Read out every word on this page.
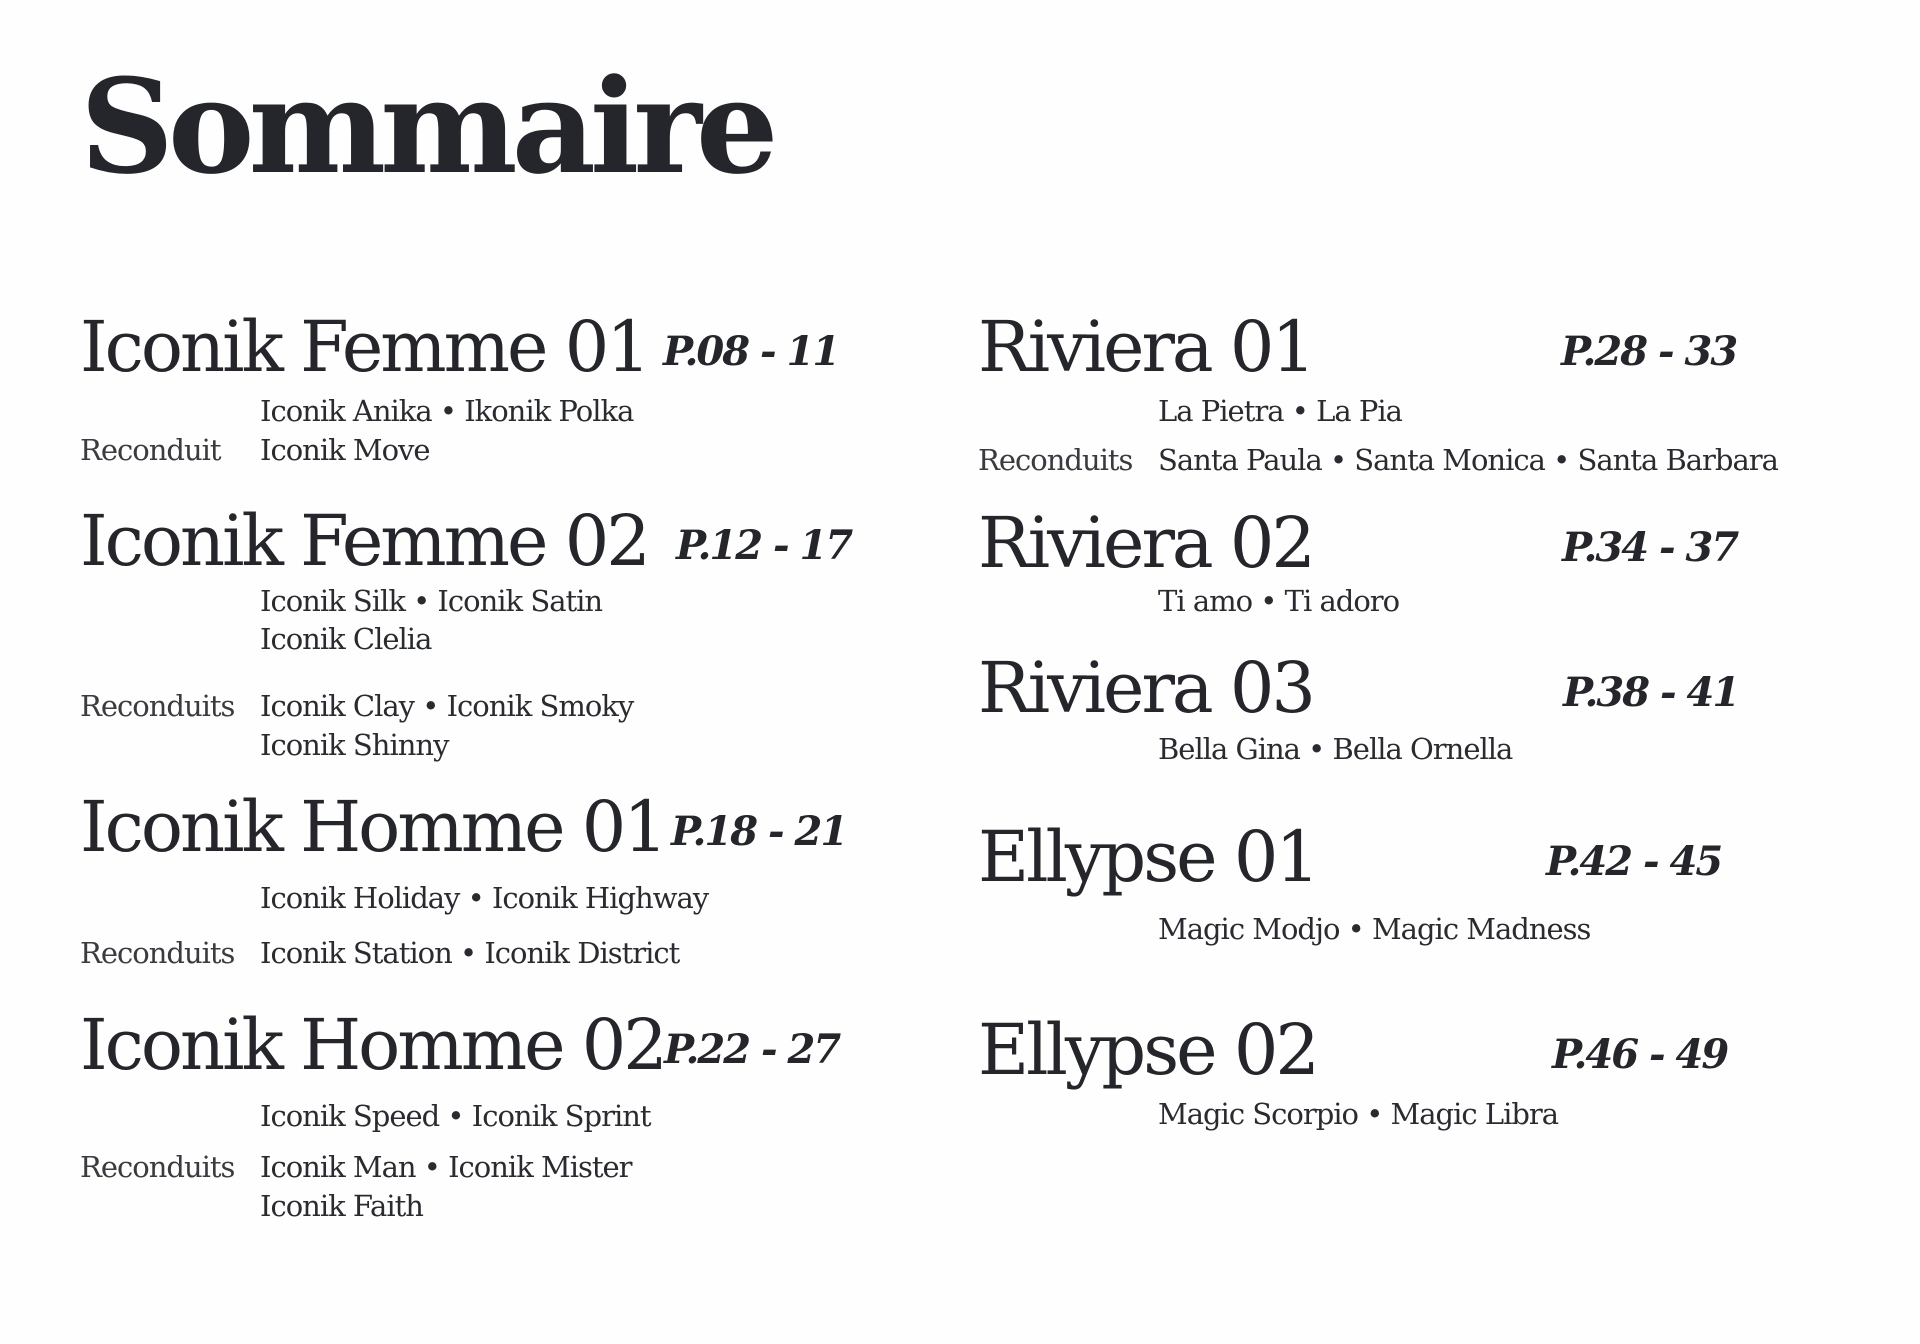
Sommaire
Iconik Femme 01 P.08 - 11
Iconik Anika • Ikonik Polka
Reconduit Iconik Move
Iconik Femme 02 P.12 - 17
Iconik Silk • Iconik Satin
Iconik Clelia
Reconduits Iconik Clay • Iconik Smoky
Iconik Shinny
Iconik Homme 01 P.18 - 21
Iconik Holiday • Iconik Highway
Reconduits Iconik Station • Iconik District
Iconik Homme 02 P.22 - 27
Iconik Speed • Iconik Sprint
Reconduits Iconik Man • Iconik Mister
Iconik Faith
Riviera 01	P.28 - 33
La Pietra • La Pia
Reconduits Santa Paula • Santa Monica • Santa Barbara
Riviera 02	P.34 - 37
Ti amo • Ti adoro
Riviera 03	P.38 - 41
Bella Gina • Bella Ornella
Ellypse 01	P.42 - 45
Magic Modjo • Magic Madness
Ellypse 02	P.46 - 49
Magic Scorpio • Magic Libra
